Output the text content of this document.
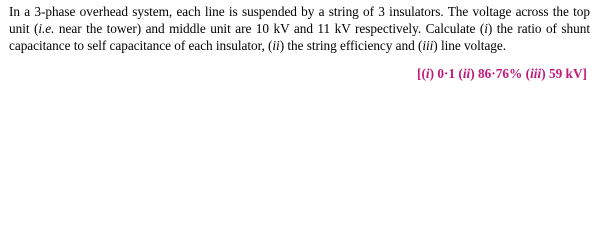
In a 3-phase overhead system, each line is suspended by a string of 3 insulators. The voltage across the top unit (i.e. near the tower) and middle unit are 10 kV and 11 kV respectively. Calculate (i) the ratio of shunt capacitance to self capacitance of each insulator, (ii) the string efficiency and (iii) line voltage.
[(i) 0·1 (ii) 86·76% (iii) 59 kV]
